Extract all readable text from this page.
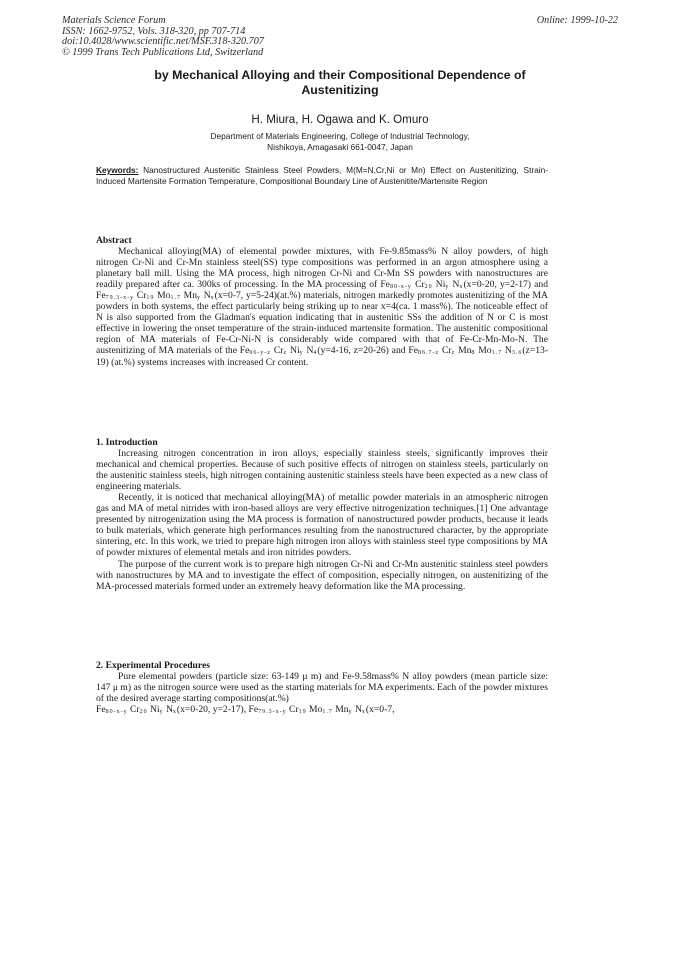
Materials Science Forum
ISSN: 1662-9752, Vols. 318-320, pp 707-714
doi:10.4028/www.scientific.net/MSF.318-320.707
© 1999 Trans Tech Publications Ltd, Switzerland
Online: 1999-10-22
by Mechanical Alloying and their Compositional Dependence of
Austenitizing
H. Miura, H. Ogawa and K. Omuro
Department of Materials Engineering, College of Industrial Technology,
Nishikoya, Amagasaki 661-0047, Japan
Keywords: Nanostructured Austenitic Stainless Steel Powders, M(M=N,Cr,Ni or Mn) Effect on Austenitizing, Strain-Induced Martensite Formation Temperature, Compositional Boundary Line of Austenitite/Martensite Region
Abstract

Mechanical alloying(MA) of elemental powder mixtures, with Fe-9.85mass% N alloy powders, of high nitrogen Cr-Ni and Cr-Mn stainless steel(SS) type compositions was performed in an argon atmosphere using a planetary ball mill. Using the MA process, high nitrogen Cr-Ni and Cr-Mn SS powders with nanostructures are readily prepared after ca. 300ks of processing. In the MA processing of $Fe_{80-x-y}$ $Cr_{20}$ $Ni_y$ $N_x(x=0-20$, y=2-17) and $Fe_{79.3-x-y}$ $Cr_{19}$ $Mo_{1.7}$ $Mn_y$ $N_x(x=0-7$, y=5-24)(at.%) materials, nitrogen markedly promotes austenitizing of the MA powders in both systems, the effect particularly being striking up to near x=4(ca. 1 mass%). The noticeable effect of N is also supported from the Gladman's equation indicating that in austenitic SSs the addition of N or C is most effective in lowering the onset temperature of the strain-induced martensite formation. The austenitic compositional region of MA materials of Fe-Cr-Ni-N is considerably wide compared with that of Fe-Cr-Mn-Mo-N. The austenitizing of MA materials of the $Fe_{96-y-z}$ $Cr_z$ $Ni_y$ $N_4(y=4-16$, z=20-26) and $Fe_{86.7-z}$ $Cr_z$ $Mn_8$ $Mo_{1.7}$ $N_{3.6}(z=13-19)$ (at.%) systems increases with increased Cr content.

1. Introduction

Increasing nitrogen concentration in iron alloys, especially stainless steels, significantly improves their mechanical and chemical properties. Because of such positive effects of nitrogen on stainless steels, particularly on the austenitic stainless steels, high nitrogen containing austenitic stainless steels have been expected as a new class of engineering materials.

Recently, it is noticed that mechanical alloying(MA) of metallic powder materials in an atmospheric nitrogen gas and MA of metal nitrides with iron-based alloys are very effective nitrogenization techniques.[1] One advantage presented by nitrogenization using the MA process is formation of nanostructured powder products, because it leads to bulk materials, which generate high performances resulting from the nanostructured character, by the appropriate sintering, etc. In this work, we tried to prepare high nitrogen iron alloys with stainless steel type compositions by MA of powder mixtures of elemental metals and iron nitrides powders.

The purpose of the current work is to prepare high nitrogen Cr-Ni and Cr-Mn austenitic stainless steel powders with nanostructures by MA and to investigate the effect of composition, especially nitrogen, on austenitizing of the MA-processed materials formed under an extremely heavy deformation like the MA processing.

2. Experimental Procedures

Pure elemental powders (particle size: 63-149 μ m) and Fe-9.58mass% N alloy powders (mean particle size: 147 μ m) as the nitrogen source were used as the starting materials for MA experiments. Each of the powder mixtures of the desired average starting compositions(at.%)

$Fe_{80-x-y}$ $Cr_{20}$ $Ni_y$ $N_x(x=0-20$, y=2-17), $Fe_{79.3-x-y}$ $Cr_{19}$ $Mo_{1.7}$ $Mn_y$ $N_x(x=0-7$,
